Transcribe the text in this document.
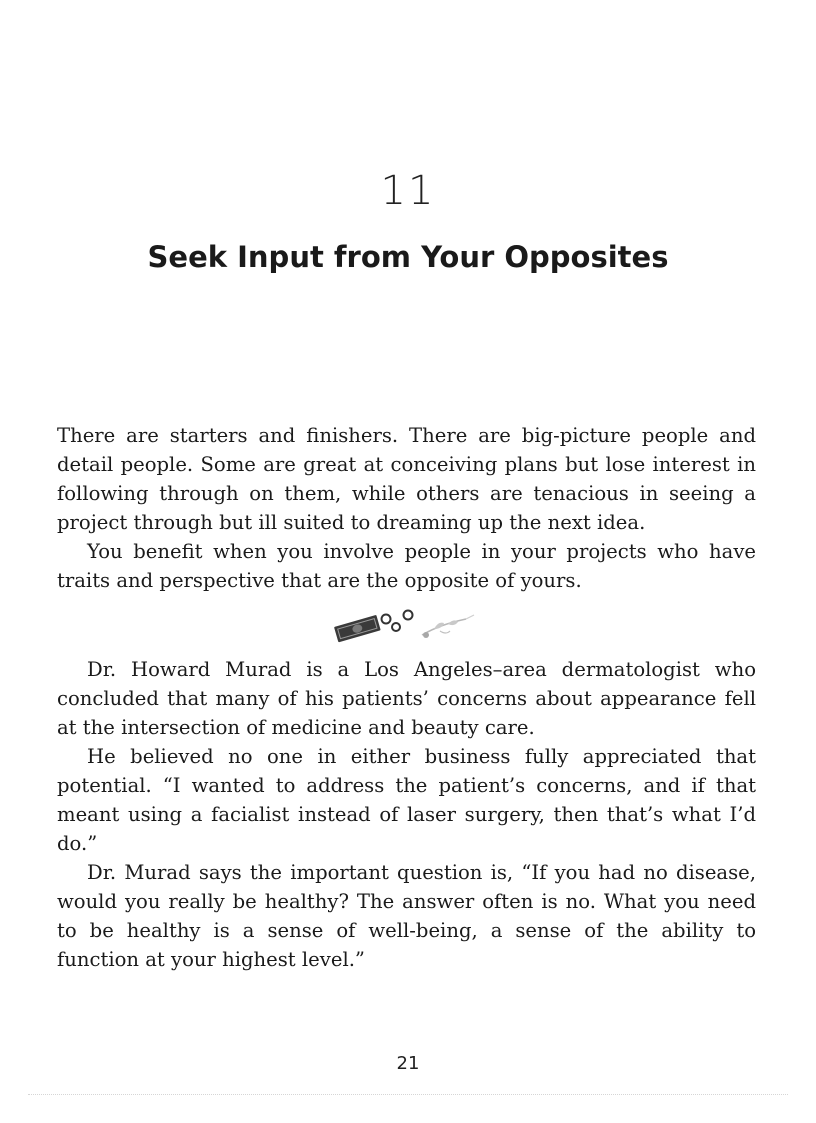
11
Seek Input from Your Opposites

There are starters and finishers. There are big-picture people and detail people. Some are great at conceiving plans but lose interest in following through on them, while others are tenacious in seeing a project through but ill suited to dreaming up the next idea.

You benefit when you involve people in your projects who have traits and perspective that are the opposite of yours.

Dr. Howard Murad is a Los Angeles–area dermatologist who concluded that many of his patients’ concerns about appearance fell at the intersection of medicine and beauty care.

He believed no one in either business fully appreciated that potential. “I wanted to address the patient’s concerns, and if that meant using a facialist instead of laser surgery, then that’s what I’d do.”

Dr. Murad says the important question is, “If you had no disease, would you really be healthy? The answer often is no. What you need to be healthy is a sense of well-being, a sense of the ability to function at your highest level.”

21
